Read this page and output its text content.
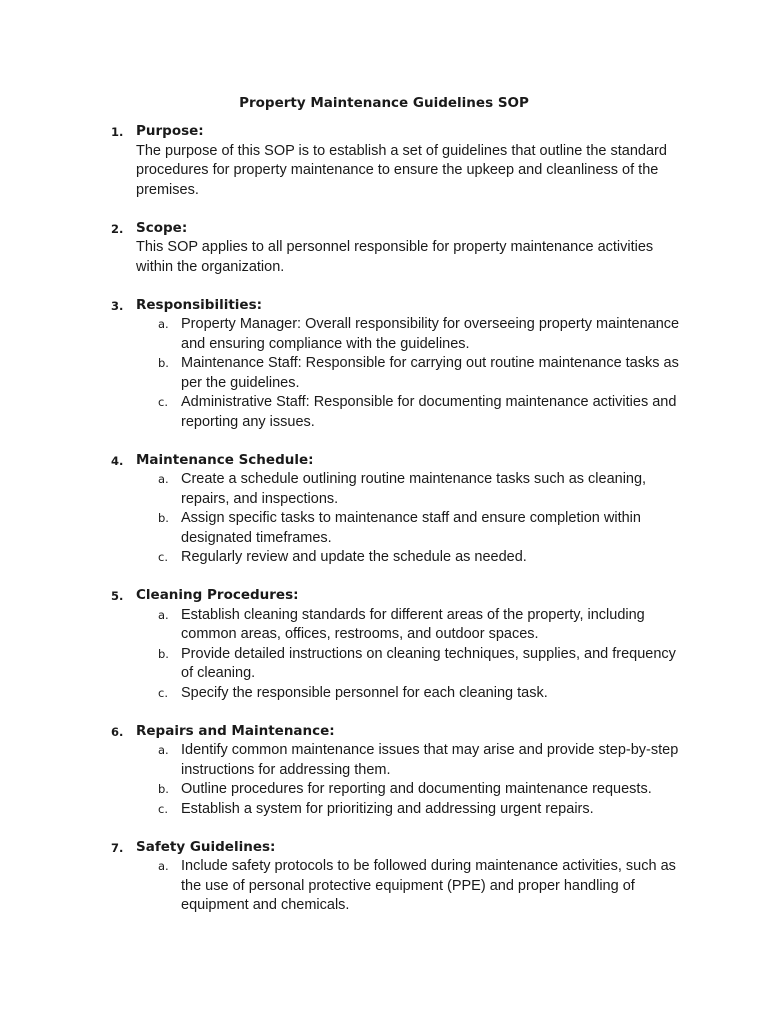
Property Maintenance Guidelines SOP
1. Purpose:

The purpose of this SOP is to establish a set of guidelines that outline the standard procedures for property maintenance to ensure the upkeep and cleanliness of the premises.

2. Scope:

This SOP applies to all personnel responsible for property maintenance activities within the organization.

3. Responsibilities:

a. Property Manager: Overall responsibility for overseeing property maintenance and ensuring compliance with the guidelines.
b. Maintenance Staff: Responsible for carrying out routine maintenance tasks as per the guidelines.
c. Administrative Staff: Responsible for documenting maintenance activities and reporting any issues.
4. Maintenance Schedule:

a. Create a schedule outlining routine maintenance tasks such as cleaning, repairs, and inspections.
b. Assign specific tasks to maintenance staff and ensure completion within designated timeframes.
c. Regularly review and update the schedule as needed.
5. Cleaning Procedures:

a. Establish cleaning standards for different areas of the property, including common areas, offices, restrooms, and outdoor spaces.
b. Provide detailed instructions on cleaning techniques, supplies, and frequency of cleaning.
c. Specify the responsible personnel for each cleaning task.
6. Repairs and Maintenance:

a. Identify common maintenance issues that may arise and provide step-by-step instructions for addressing them.
b. Outline procedures for reporting and documenting maintenance requests.
c. Establish a system for prioritizing and addressing urgent repairs.
7. Safety Guidelines:

a. Include safety protocols to be followed during maintenance activities, such as the use of personal protective equipment (PPE) and proper handling of equipment and chemicals.
